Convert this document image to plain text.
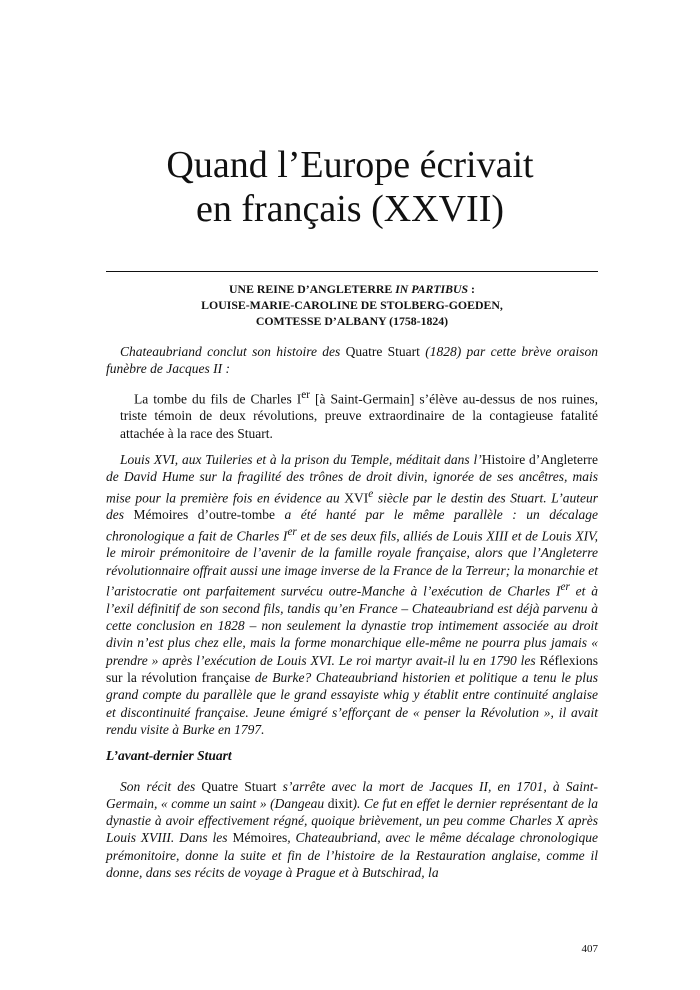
Quand l’Europe écrivait
en français (XXVII)
UNE REINE D’ANGLETERRE IN PARTIBUS :
LOUISE-MARIE-CAROLINE DE STOLBERG-GOEDEN,
COMTESSE D’ALBANY (1758-1824)

Chateaubriand conclut son histoire des Quatre Stuart (1828) par cette brève oraison funèbre de Jacques II :

La tombe du fils de Charles Ier [à Saint-Germain] s’élève au-dessus de nos ruines, triste témoin de deux révolutions, preuve extraordinaire de la contagieuse fatalité attachée à la race des Stuart.

Louis XVI, aux Tuileries et à la prison du Temple, méditait dans l’Histoire d’Angleterre de David Hume sur la fragilité des trônes de droit divin, ignorée de ses ancêtres, mais mise pour la première fois en évidence au XVIe siècle par le destin des Stuart. L’auteur des Mémoires d’outre-tombe a été hanté par le même parallèle : un décalage chronologique a fait de Charles Ier et de ses deux fils, alliés de Louis XIII et de Louis XIV, le miroir prémonitoire de l’avenir de la famille royale française, alors que l’Angleterre révolutionnaire offrait aussi une image inverse de la France de la Terreur; la monarchie et l’aristocratie ont parfaitement survécu outre-Manche à l’exécution de Charles Ier et à l’exil définitif de son second fils, tandis qu’en France – Chateaubriand est déjà parvenu à cette conclusion en 1828 – non seulement la dynastie trop intimement associée au droit divin n’est plus chez elle, mais la forme monarchique elle-même ne pourra plus jamais « prendre » après l’exécution de Louis XVI. Le roi martyr avait-il lu en 1790 les Réflexions sur la révolution française de Burke? Chateaubriand historien et politique a tenu le plus grand compte du parallèle que le grand essayiste whig y établit entre continuité anglaise et discontinuité française. Jeune émigré s’efforçant de « penser la Révolution », il avait rendu visite à Burke en 1797.

L’avant-dernier Stuart

Son récit des Quatre Stuart s’arrête avec la mort de Jacques II, en 1701, à Saint-Germain, « comme un saint » (Dangeau dixit). Ce fut en effet le dernier représentant de la dynastie à avoir effectivement régné, quoique brièvement, un peu comme Charles X après Louis XVIII. Dans les Mémoires, Chateaubriand, avec le même décalage chronologique prémonitoire, donne la suite et fin de l’histoire de la Restauration anglaise, comme il donne, dans ses récits de voyage à Prague et à Butschirad, la

407
